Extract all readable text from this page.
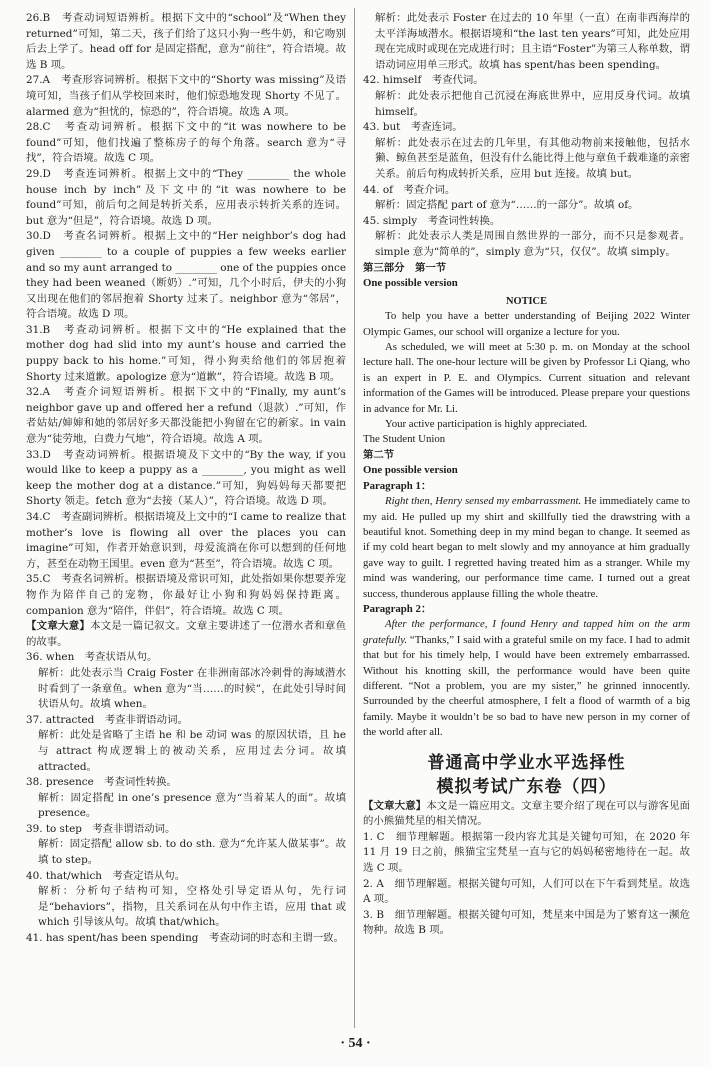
26.B　考查动词短语辨析。根据下文中的“school”及“When they returned”可知，第二天，孩子们给了这只小狗一些牛奶，和它吻别后去上学了。head off for 是固定搭配，意为“前往”，符合语境。故选 B 项。

27.A　考查形容词辨析。根据下文中的“Shorty was missing”及语境可知，当孩子们从学校回来时，他们惊恐地发现 Shorty 不见了。alarmed 意为“担忧的，惊恐的”，符合语境。故选 A 项。

28.C　考查动词辨析。根据下文中的“it was nowhere to be found”可知，他们找遍了整栋房子的每个角落。search 意为“寻找”，符合语境。故选 C 项。

29.D　考查连词辨析。根据上文中的“They ________ the whole house inch by inch”及下文中的“it was nowhere to be found”可知，前后句之间是转折关系，应用表示转折关系的连词。but 意为“但是”，符合语境。故选 D 项。

30.D　考查名词辨析。根据上文中的“Her neighbor’s dog had given ________ to a couple of puppies a few weeks earlier and so my aunt arranged to ________ one of the puppies once they had been weaned（断奶）.”可知，几个小时后，伊夫的小狗又出现在他们的邻居抱着 Shorty 过来了。neighbor 意为“邻居”，符合语境。故选 D 项。

31.B　考查动词辨析。根据下文中的“He explained that the mother dog had slid into my aunt’s house and carried the puppy back to his home.”可知，得小狗卖给他们的邻居抱着 Shorty 过来道歉。apologize 意为“道歉”，符合语境。故选 B 项。

32.A　考查介词短语辨析。根据下文中的“Finally, my aunt’s neighbor gave up and offered her a refund（退款）.”可知，作者姑姑/婶婶和她的邻居好多天都没能把小狗留在它的新家。in vain 意为“徒劳地，白费力气地”，符合语境。故选 A 项。

33.D　考查动词辨析。根据语境及下文中的“By the way, if you would like to keep a puppy as a ________, you might as well keep the mother dog at a distance.”可知，狗妈妈每天都要把 Shorty 领走。fetch 意为“去接（某人）”，符合语境。故选 D 项。

34.C　考查副词辨析。根据语境及上文中的“I came to realize that mother’s love is flowing all over the places you can imagine”可知，作者开始意识到，母爱流淌在你可以想到的任何地方，甚至在动物王国里。even 意为“甚至”，符合语境。故选 C 项。

35.C　考查名词辨析。根据语境及常识可知，此处指如果你想要养宠物作为陪伴自己的宠物，你最好让小狗和狗妈妈保持距离。companion 意为“陪伴，伴侣”，符合语境。故选 C 项。

【文章大意】本文是一篇记叙文。文章主要讲述了一位潜水者和章鱼的故事。

36. when　考查状语从句。

解析：此处表示当 Craig Foster 在非洲南部冰冷刺骨的海域潜水时看到了一条章鱼。when 意为“当……的时候”，在此处引导时间状语从句。故填 when。

37. attracted　考查非谓语动词。

解析：此处是省略了主语 he 和 be 动词 was 的原因状语，且 he 与 attract 构成逻辑上的被动关系，应用过去分词。故填 attracted。

38. presence　考查词性转换。

解析：固定搭配 in one’s presence 意为“当着某人的面”。故填 presence。

39. to step　考查非谓语动词。

解析：固定搭配 allow sb. to do sth. 意为“允许某人做某事”。故填 to step。

40. that/which　考查定语从句。

解析：分析句子结构可知，空格处引导定语从句，先行词是“behaviors”，指物，且关系词在从句中作主语，应用 that 或 which 引导该从句。故填 that/which。

41. has spent/has been spending　考查动词的时态和主谓一致。

解析：此处表示 Foster 在过去的 10 年里（一直）在南非西海岸的太平洋海域潜水。根据语境和“the last ten years”可知，此处应用现在完成时或现在完成进行时；且主语“Foster”为第三人称单数，谓语动词应用单三形式。故填 has spent/has been spending。

42. himself　考查代词。

解析：此处表示把他自己沉浸在海底世界中，应用反身代词。故填 himself。

43. but　考查连词。

解析：此处表示在过去的几年里，有其他动物前来接触他，包括水獭、鲸鱼甚至是蓝鱼，但没有什么能比得上他与章鱼千载难逢的亲密关系。前后句构成转折关系，应用 but 连接。故填 but。

44. of　考查介词。

解析：固定搭配 part of 意为“……的一部分”。故填 of。

45. simply　考查词性转换。

解析：此处表示人类是周围自然世界的一部分，而不只是参观者。simple 意为“简单的”，simply 意为“只，仅仅”。故填 simply。

第三部分　第一节

One possible version

NOTICE

To help you have a better understanding of Beijing 2022 Winter Olympic Games, our school will organize a lecture for you.

As scheduled, we will meet at 5:30 p. m. on Monday at the school lecture hall. The one-hour lecture will be given by Professor Li Qiang, who is an expert in P. E. and Olympics. Current situation and relevant information of the Games will be introduced. Please prepare your questions in advance for Mr. Li.

Your active participation is highly appreciated.

The Student Union

第二节

One possible version

Paragraph 1：

Right then, Henry sensed my embarrassment. He immediately came to my aid. He pulled up my shirt and skillfully tied the drawstring with a beautiful knot. Something deep in my mind began to change. It seemed as if my cold heart began to melt slowly and my annoyance at him gradually gave way to guilt. I regretted having treated him as a stranger. While my mind was wandering, our performance time came. I turned out a great success, thunderous applause filling the whole theatre.

Paragraph 2：

After the performance, I found Henry and tapped him on the arm gratefully. “Thanks,” I said with a grateful smile on my face. I had to admit that but for his timely help, I would have been extremely embarrassed. Without his knotting skill, the performance would have been quite different. “Not a problem, you are my sister,” he grinned innocently. Surrounded by the cheerful atmosphere, I felt a flood of warmth of a big family. Maybe it wouldn’t be so bad to have new person in my corner of the world after all.

普通高中学业水平选择性

模拟考试广东卷（四）

【文章大意】本文是一篇应用文。文章主要介绍了现在可以与游客见面的小熊猫梵星的相关情况。

1. C　细节理解题。根据第一段内容尤其是关键句可知，在 2020 年 11 月 19 日之前，熊猫宝宝梵星一直与它的妈妈秘密地待在一起。故选 C 项。

2. A　细节理解题。根据关键句可知，人们可以在下午看到梵星。故选 A 项。

3. B　细节理解题。根据关键句可知，梵星来中国是为了繁育这一濒危物种。故选 B 项。

· 54 ·
